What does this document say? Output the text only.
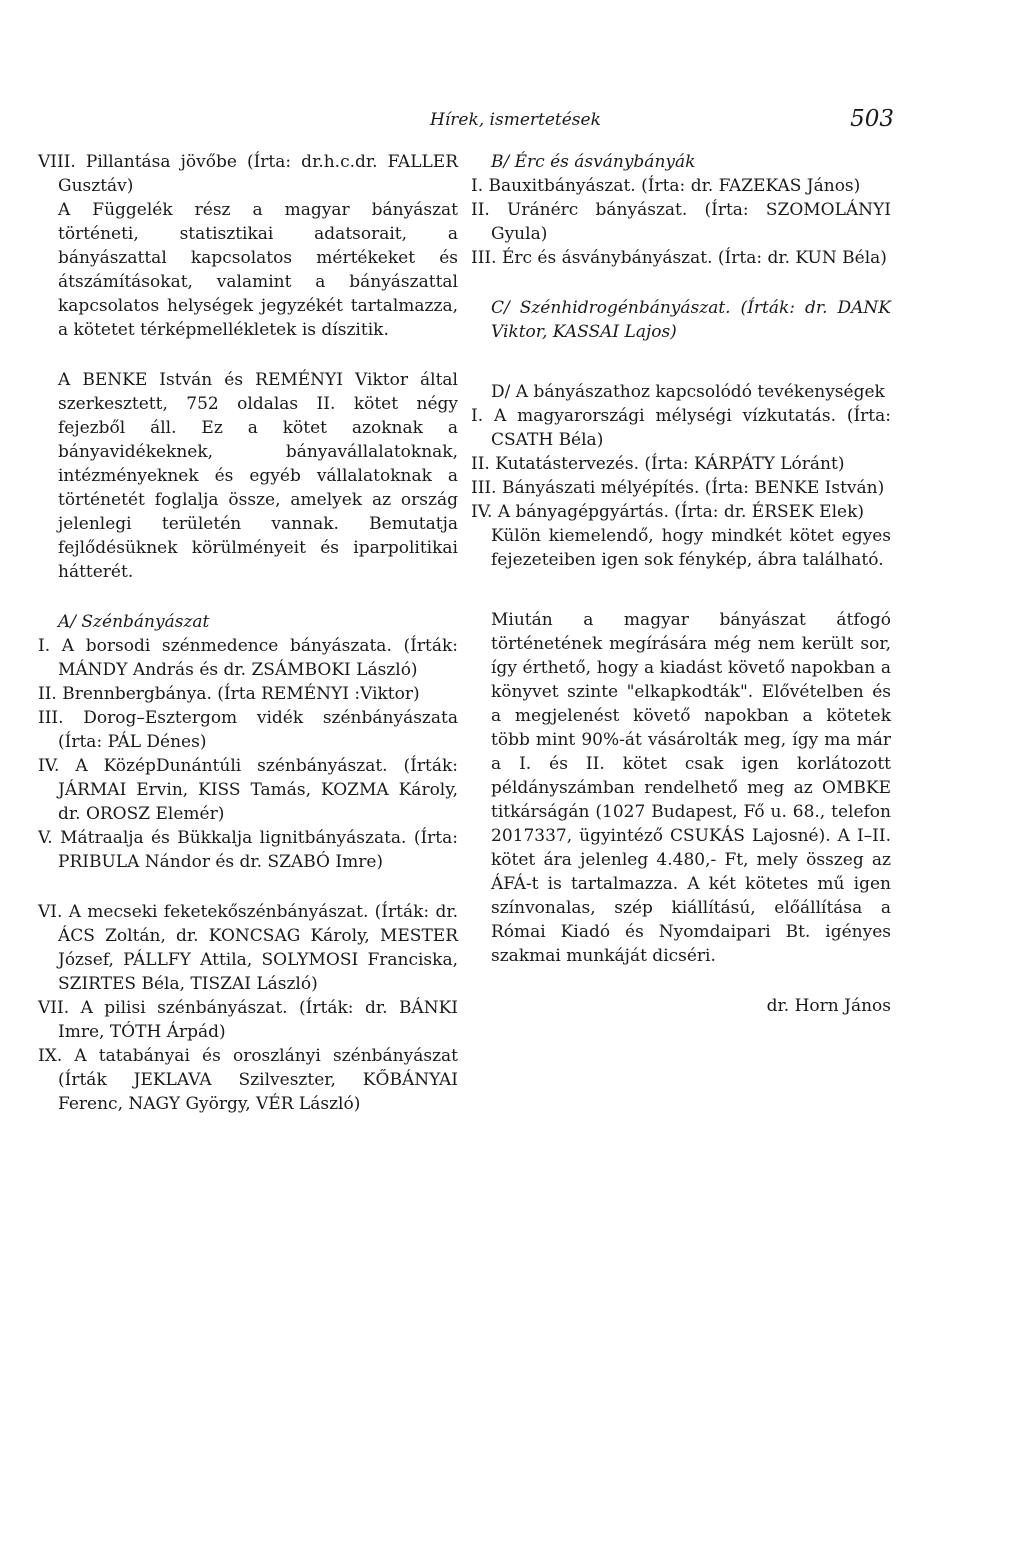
Hírek, ismertetések	503

VIII. Pillantása jövőbe (Írta: dr.h.c.dr. FALLER Gusztáv)

A Függelék rész a magyar bányászat történeti, statisztikai adatsorait, a bányászattal kapcsolatos mértékeket és átszámításokat, valamint a bányászattal kapcsolatos helységek jegyzékét tartalmazza, a kötetet térképmellékletek is díszitik.

A BENKE István és REMÉNYI Viktor által szerkesztett, 752 oldalas II. kötet négy fejezből áll. Ez a kötet azoknak a bányavidékeknek, bányavállalatoknak, intézményeknek és egyéb vállalatoknak a történetét foglalja össze, amelyek az ország jelenlegi területén vannak. Bemutatja fejlődésüknek körülményeit és iparpolitikai hátterét.

A/ Szénbányászat

I. A borsodi szénmedence bányászata. (Írták: MÁNDY András és dr. ZSÁMBOKI László)

II. Brennbergbánya. (Írta REMÉNYI :Viktor)

III. Dorog–Esztergom vidék szénbányászata (Írta: PÁL Dénes)

IV. A KözépDunántúli szénbányászat. (Írták: JÁRMAI Ervin, KISS Tamás, KOZMA Károly, dr. OROSZ Elemér)

V. Mátraalja és Bükkalja lignitbányászata. (Írta: PRIBULA Nándor és dr. SZABÓ Imre)

VI. A mecseki feketekőszénbányászat. (Írták: dr. ÁCS Zoltán, dr. KONCSAG Károly, MESTER József, PÁLLFY Attila, SOLYMOSI Franciska, SZIRTES Béla, TISZAI László)

VII. A pilisi szénbányászat. (Írták: dr. BÁNKI Imre, TÓTH Árpád)

IX. A tatabányai és oroszlányi szénbányászat (Írták JEKLAVA Szilveszter, KŐBÁNYAI Ferenc, NAGY György, VÉR László)

B/ Érc és ásványbányák

I. Bauxitbányászat. (Írta: dr. FAZEKAS János)

II. Uránérc bányászat. (Írta: SZOMOLÁNYI Gyula)

III. Érc és ásványbányászat. (Írta: dr. KUN Béla)

C/ Szénhidrogénbányászat. (Írták: dr. DANK Viktor, KASSAI Lajos)

D/ A bányászathoz kapcsolódó tevékenységek

I. A magyarországi mélységi vízkutatás. (Írta: CSATH Béla)

II. Kutatástervezés. (Írta: KÁRPÁTY Lóránt)

III. Bányászati mélyépítés. (Írta: BENKE István)

IV. A bányagépgyártás. (Írta: dr. ÉRSEK Elek)

Külön kiemelendő, hogy mindkét kötet egyes fejezeteiben igen sok fénykép, ábra található.

Miután a magyar bányászat átfogó történetének megírására még nem került sor, így érthető, hogy a kiadást követő napokban a könyvet szinte "elkapkodták". Elővételben és a megjelenést követő napokban a kötetek több mint 90%-át vásárolták meg, így ma már a I. és II. kötet csak igen korlátozott példányszámban rendelhető meg az OMBKE titkárságán (1027 Budapest, Fő u. 68., telefon 2017337, ügyintéző CSUKÁS Lajosné). A I–II. kötet ára jelenleg 4.480,- Ft, mely összeg az ÁFÁ-t is tartalmazza. A két kötetes mű igen színvonalas, szép kiállítású, előállítása a Római Kiadó és Nyomdaipari Bt. igényes szakmai munkáját dicséri.

dr. Horn János
